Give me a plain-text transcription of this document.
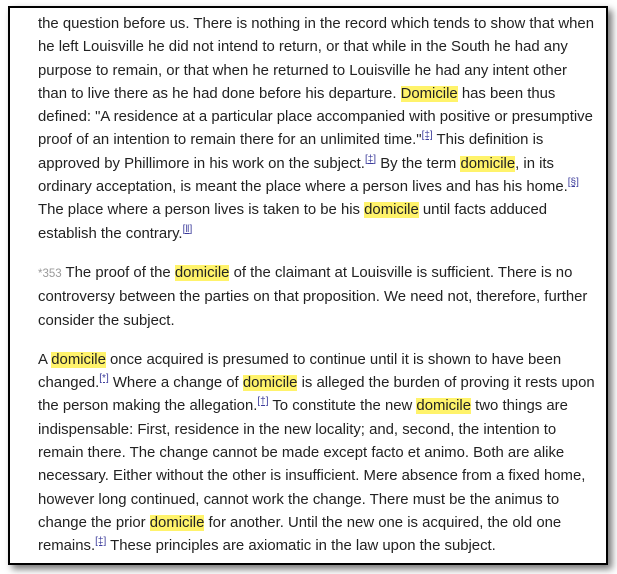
the question before us. There is nothing in the record which tends to show that when he left Louisville he did not intend to return, or that while in the South he had any purpose to remain, or that when he returned to Louisville he had any intent other than to live there as he had done before his departure. Domicile has been thus defined: "A residence at a particular place accompanied with positive or presumptive proof of an intention to remain there for an unlimited time."[‡] This definition is approved by Phillimore in his work on the subject.[‡] By the term domicile, in its ordinary acceptation, is meant the place where a person lives and has his home.[§] The place where a person lives is taken to be his domicile until facts adduced establish the contrary.[‖]

*353 The proof of the domicile of the claimant at Louisville is sufficient. There is no controversy between the parties on that proposition. We need not, therefore, further consider the subject.

A domicile once acquired is presumed to continue until it is shown to have been changed.[*] Where a change of domicile is alleged the burden of proving it rests upon the person making the allegation.[†] To constitute the new domicile two things are indispensable: First, residence in the new locality; and, second, the intention to remain there. The change cannot be made except facto et animo. Both are alike necessary. Either without the other is insufficient. Mere absence from a fixed home, however long continued, cannot work the change. There must be the animus to change the prior domicile for another. Until the new one is acquired, the old one remains.[‡] These principles are axiomatic in the law upon the subject.
